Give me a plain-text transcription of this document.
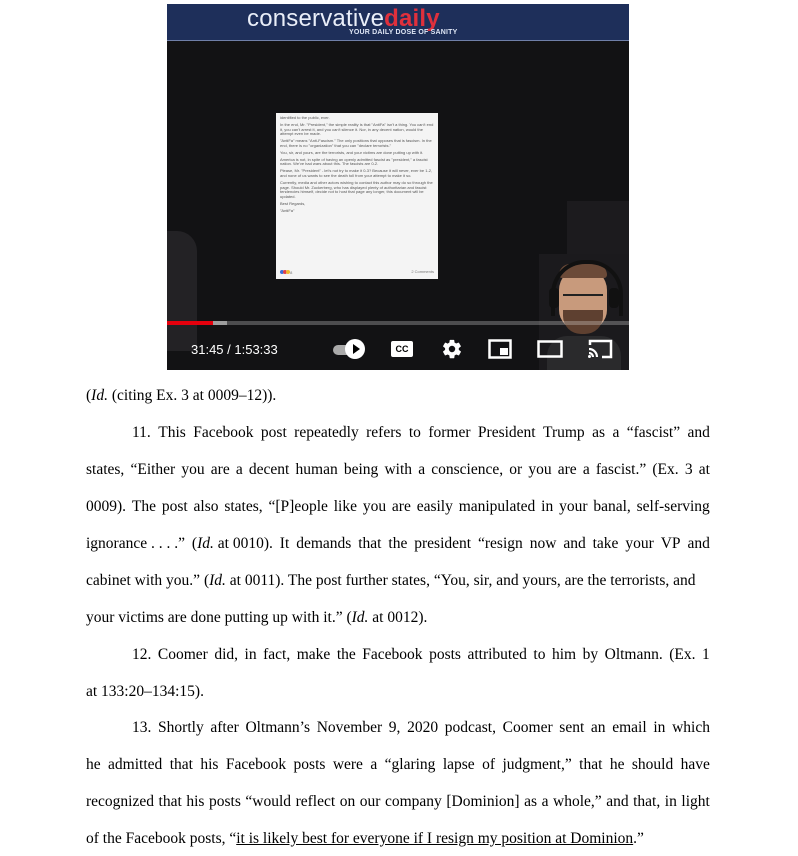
conservativedaily
YOUR DAILY DOSE OF SANITY

identified to the public, ever.

In the end, Mr. "President," the simple reality is that "AntiFa" isn't a thing. You can't end it, you can't arrest it, and you can't silence it. Nor, in any decent nation, would the attempt even be made.

"AntiFa" means "Anti-Fascism." The only positions that opposes that is fascism. In the end, there is no "organization" that you can "declare terrorists."

You, sir, and yours, are the terrorists, and your victims are done putting up with it.

America is not, in spite of having an openly admitted fascist as "president," a fascist nation. We've had wars about this. The fascists are 0-2.

Please, Mr. "President" - let's not try to make it 0-3? Because it will never, ever be 1-2, and none of us wants to see the death toll from your attempt to make it so.

Currently, media and other actors wishing to contact this author may do so through the page. Should Mr. Zuckerberg, who has displayed plenty of authoritarian and fascist tendencies himself, decide not to host that page any longer, this document will be updated.

Best Regards,

"AntiFa"

8	2 Comments
31:45 / 1:53:33	CC
(Id. (citing Ex. 3 at 0009–12)).
11. This Facebook post repeatedly refers to former President Trump as a “fascist” and
states, “Either you are a decent human being with a conscience, or you are a fascist.” (Ex. 3 at
0009). The post also states, “[P]eople like you are easily manipulated in your banal, self-serving
ignorance . . . .” (Id. at 0010). It demands that the president “resign now and take your VP and
cabinet with you.” (Id. at 0011). The post further states, “You, sir, and yours, are the terrorists, and
your victims are done putting up with it.” (Id. at 0012).
12. Coomer did, in fact, make the Facebook posts attributed to him by Oltmann. (Ex. 1
at 133:20–134:15).
13. Shortly after Oltmann’s November 9, 2020 podcast, Coomer sent an email in which
he admitted that his Facebook posts were a “glaring lapse of judgment,” that he should have
recognized that his posts “would reflect on our company [Dominion] as a whole,” and that, in light
of the Facebook posts, “it is likely best for everyone if I resign my position at Dominion.”
